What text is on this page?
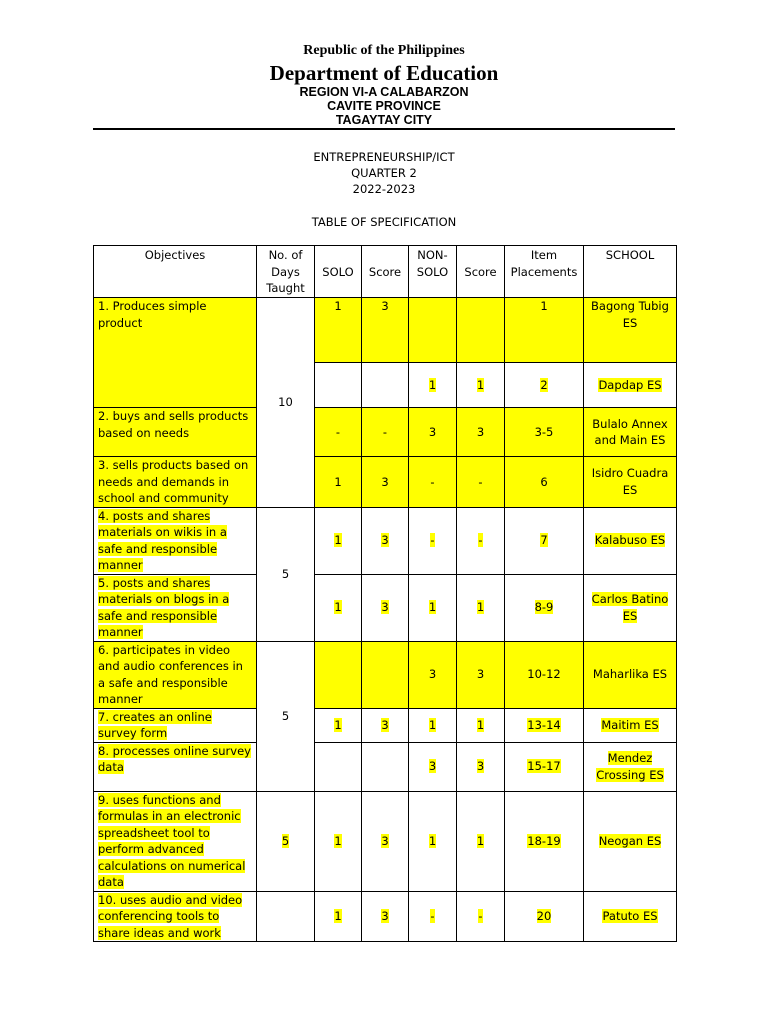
Republic of the Philippines
Department of Education
REGION VI-A CALABARZON
CAVITE PROVINCE
TAGAYTAY CITY
ENTREPRENEURSHIP/ICT
QUARTER 2
2022-2023
TABLE OF SPECIFICATION
Objectives	No. of Days Taught	SOLO	Score	NON-SOLO	Score	Item Placements	SCHOOL
1. Produces simple product	10	1	3			1	Bagong Tubig ES
				1	1	2	Dapdap ES
2. buys and sells products based on needs		-	-	3	3	3-5	Bulalo Annex and Main ES
3. sells products based on needs and demands in school and community		1	3	-	-	6	Isidro Cuadra ES
4. posts and shares materials on wikis in a safe and responsible manner	5	1	3	-	-	7	Kalabuso ES
5. posts and shares materials on blogs in a safe and responsible manner		1	3	1	1	8-9	Carlos Batino ES
6. participates in video and audio conferences in a safe and responsible manner	5			3	3	10-12	Maharlika ES
7. creates an online survey form		1	3	1	1	13-14	Maitim ES
8. processes online survey data				3	3	15-17	Mendez Crossing ES
9. uses functions and formulas in an electronic spreadsheet tool to perform advanced calculations on numerical data	5	1	3	1	1	18-19	Neogan ES
10. uses audio and video conferencing tools to share ideas and work		1	3	-	-	20	Patuto ES
